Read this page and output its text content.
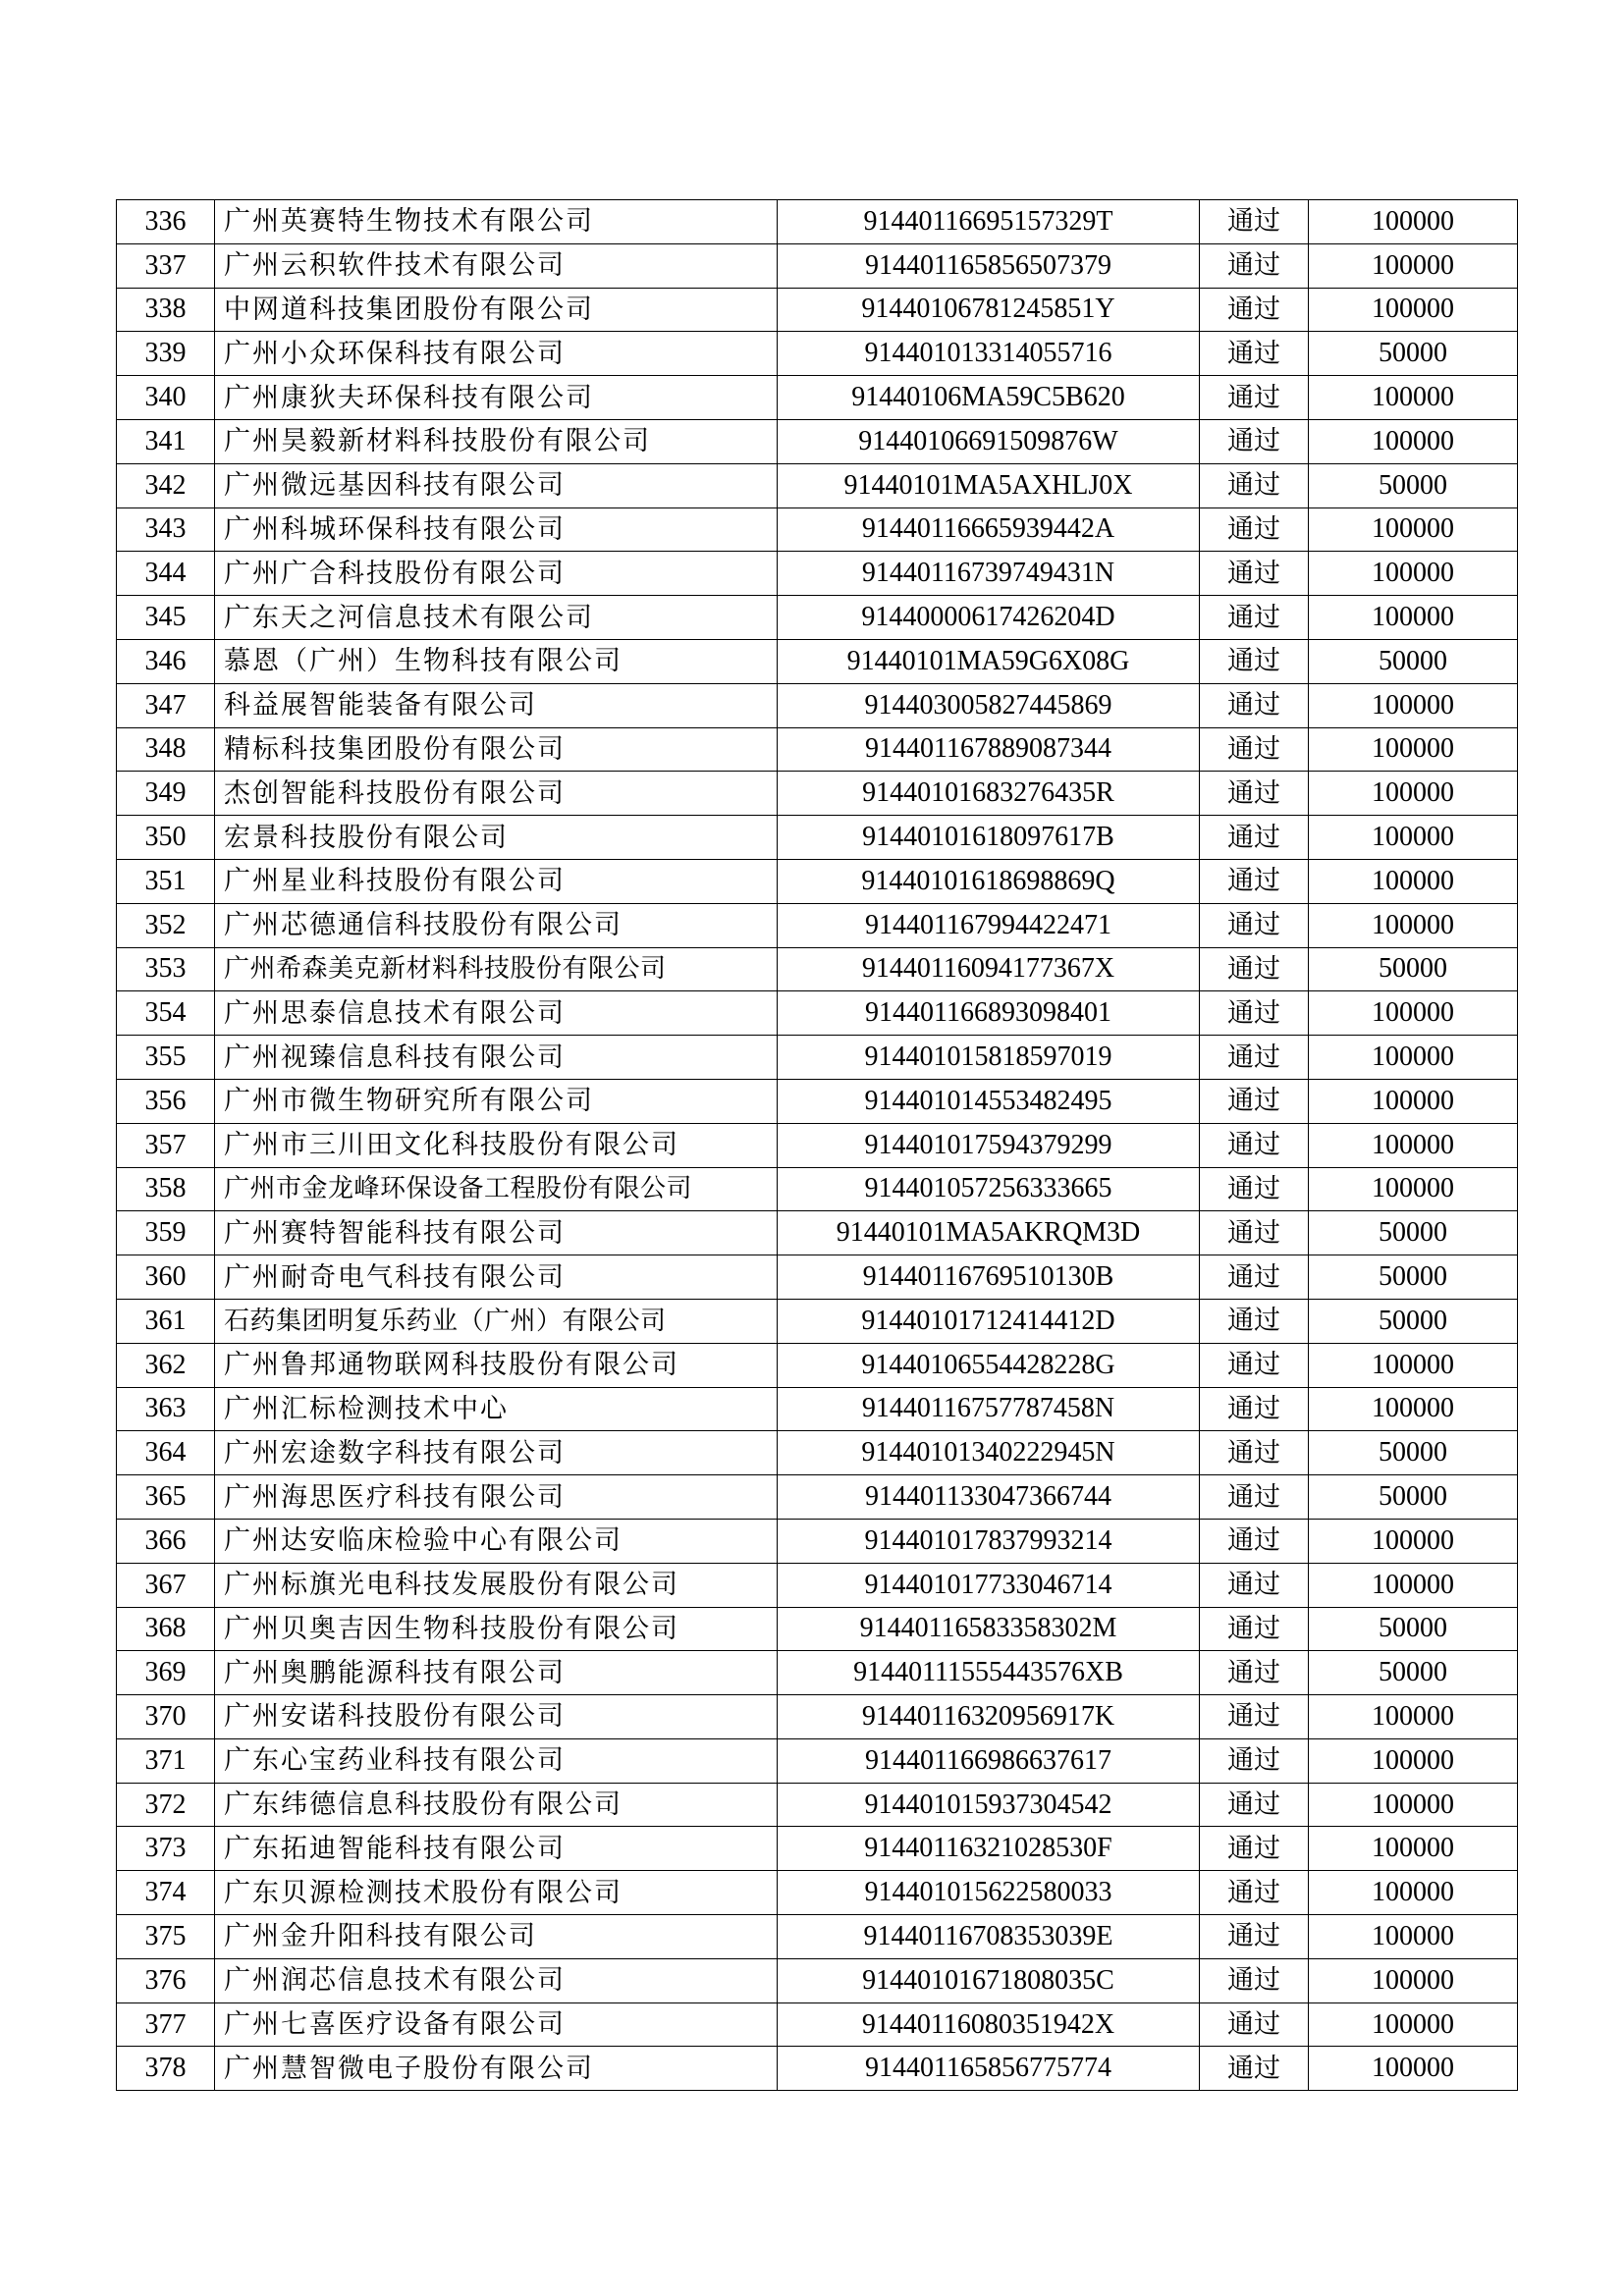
336	广州英赛特生物技术有限公司	91440116695157329T	通过	100000
337	广州云积软件技术有限公司	914401165856507379	通过	100000
338	中网道科技集团股份有限公司	91440106781245851Y	通过	100000
339	广州小众环保科技有限公司	914401013314055716	通过	50000
340	广州康狄夫环保科技有限公司	91440106MA59C5B620	通过	100000
341	广州昊毅新材料科技股份有限公司	91440106691509876W	通过	100000
342	广州微远基因科技有限公司	91440101MA5AXHLJ0X	通过	50000
343	广州科城环保科技有限公司	91440116665939442A	通过	100000
344	广州广合科技股份有限公司	91440116739749431N	通过	100000
345	广东天之河信息技术有限公司	91440000617426204D	通过	100000
346	慕恩（广州）生物科技有限公司	91440101MA59G6X08G	通过	50000
347	科益展智能装备有限公司	914403005827445869	通过	100000
348	精标科技集团股份有限公司	914401167889087344	通过	100000
349	杰创智能科技股份有限公司	91440101683276435R	通过	100000
350	宏景科技股份有限公司	91440101618097617B	通过	100000
351	广州星业科技股份有限公司	91440101618698869Q	通过	100000
352	广州芯德通信科技股份有限公司	914401167994422471	通过	100000
353	广州希森美克新材料科技股份有限公司	91440116094177367X	通过	50000
354	广州思泰信息技术有限公司	914401166893098401	通过	100000
355	广州视臻信息科技有限公司	914401015818597019	通过	100000
356	广州市微生物研究所有限公司	914401014553482495	通过	100000
357	广州市三川田文化科技股份有限公司	914401017594379299	通过	100000
358	广州市金龙峰环保设备工程股份有限公司	914401057256333665	通过	100000
359	广州赛特智能科技有限公司	91440101MA5AKRQM3D	通过	50000
360	广州耐奇电气科技有限公司	91440116769510130B	通过	50000
361	石药集团明复乐药业（广州）有限公司	91440101712414412D	通过	50000
362	广州鲁邦通物联网科技股份有限公司	91440106554428228G	通过	100000
363	广州汇标检测技术中心	91440116757787458N	通过	100000
364	广州宏途数字科技有限公司	91440101340222945N	通过	50000
365	广州海思医疗科技有限公司	914401133047366744	通过	50000
366	广州达安临床检验中心有限公司	914401017837993214	通过	100000
367	广州标旗光电科技发展股份有限公司	914401017733046714	通过	100000
368	广州贝奥吉因生物科技股份有限公司	91440116583358302M	通过	50000
369	广州奥鹏能源科技有限公司	91440111555443576XB	通过	50000
370	广州安诺科技股份有限公司	91440116320956917K	通过	100000
371	广东心宝药业科技有限公司	914401166986637617	通过	100000
372	广东纬德信息科技股份有限公司	914401015937304542	通过	100000
373	广东拓迪智能科技有限公司	91440116321028530F	通过	100000
374	广东贝源检测技术股份有限公司	914401015622580033	通过	100000
375	广州金升阳科技有限公司	91440116708353039E	通过	100000
376	广州润芯信息技术有限公司	91440101671808035C	通过	100000
377	广州七喜医疗设备有限公司	91440116080351942X	通过	100000
378	广州慧智微电子股份有限公司	914401165856775774	通过	100000
